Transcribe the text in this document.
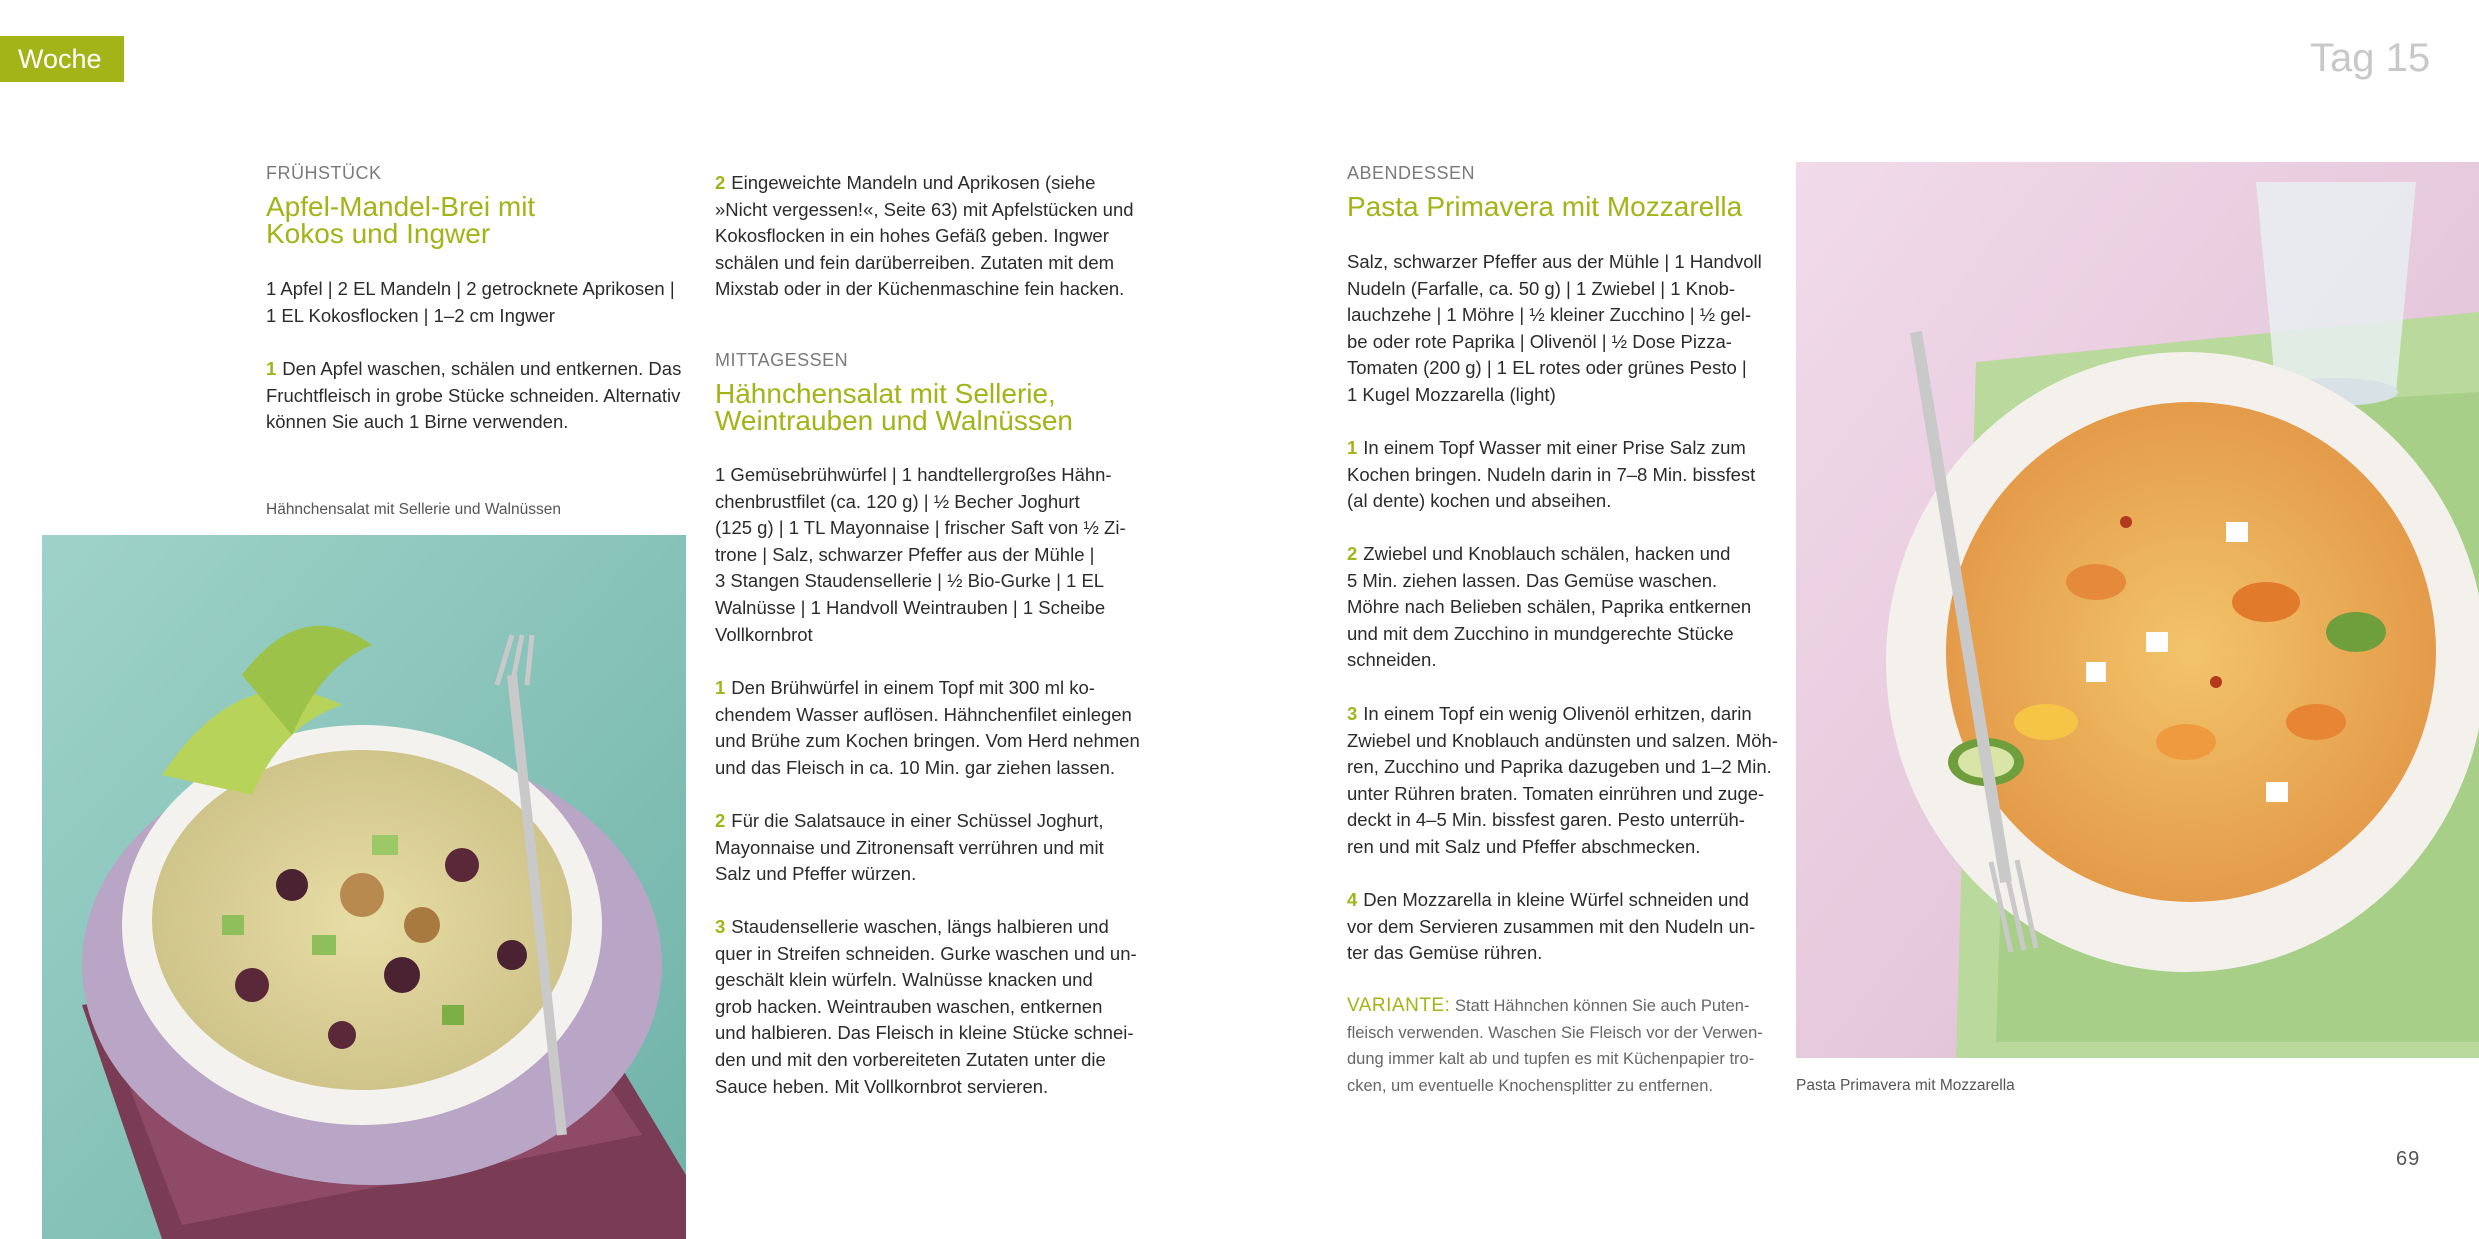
Woche 3
Tag 15
FRÜHSTÜCK
Apfel-Mandel-Brei mit
Kokos und Ingwer

1 Apfel | 2 EL Mandeln | 2 getrocknete Aprikosen |

1 EL Kokosflocken | 1–2 cm Ingwer

1 Den Apfel waschen, schälen und entkernen. Das

Fruchtfleisch in grobe Stücke schneiden. Alternativ

können Sie auch 1 Birne verwenden.

2 Eingeweichte Mandeln und Aprikosen (siehe

»Nicht vergessen!«, Seite 63) mit Apfelstücken und

Kokosflocken in ein hohes Gefäß geben. Ingwer

schälen und fein darüberreiben. Zutaten mit dem

Mixstab oder in der Küchenmaschine fein hacken.

Hähnchensalat mit Sellerie und Walnüssen
MITTAGESSEN
Hähnchensalat mit Sellerie,
Weintrauben und Walnüssen

1 Gemüsebrühwürfel | 1 handtellergroßes Hähn-

chenbrustfilet (ca. 120 g) | ½ Becher Joghurt

(125 g) | 1 TL Mayonnaise | frischer Saft von ½ Zi-

trone | Salz, schwarzer Pfeffer aus der Mühle |

3 Stangen Staudensellerie | ½ Bio-Gurke | 1 EL

Walnüsse | 1 Handvoll Weintrauben | 1 Scheibe

Vollkornbrot

1 Den Brühwürfel in einem Topf mit 300 ml ko-

chendem Wasser auflösen. Hähnchenfilet einlegen

und Brühe zum Kochen bringen. Vom Herd nehmen

und das Fleisch in ca. 10 Min. gar ziehen lassen.

2 Für die Salatsauce in einer Schüssel Joghurt,

Mayonnaise und Zitronensaft verrühren und mit

Salz und Pfeffer würzen.

3 Staudensellerie waschen, längs halbieren und

quer in Streifen schneiden. Gurke waschen und un-

geschält klein würfeln. Walnüsse knacken und

grob hacken. Weintrauben waschen, entkernen

und halbieren. Das Fleisch in kleine Stücke schnei-

den und mit den vorbereiteten Zutaten unter die

Sauce heben. Mit Vollkornbrot servieren.

ABENDESSEN
Pasta Primavera mit Mozzarella

Salz, schwarzer Pfeffer aus der Mühle | 1 Handvoll

Nudeln (Farfalle, ca. 50 g) | 1 Zwiebel | 1 Knob-

lauchzehe | 1 Möhre | ½ kleiner Zucchino | ½ gel-

be oder rote Paprika | Olivenöl | ½ Dose Pizza-

Tomaten (200 g) | 1 EL rotes oder grünes Pesto |

1 Kugel Mozzarella (light)

1 In einem Topf Wasser mit einer Prise Salz zum

Kochen bringen. Nudeln darin in 7–8 Min. bissfest

(al dente) kochen und abseihen.

2 Zwiebel und Knoblauch schälen, hacken und

5 Min. ziehen lassen. Das Gemüse waschen.

Möhre nach Belieben schälen, Paprika entkernen

und mit dem Zucchino in mundgerechte Stücke

schneiden.

3 In einem Topf ein wenig Olivenöl erhitzen, darin

Zwiebel und Knoblauch andünsten und salzen. Möh-

ren, Zucchino und Paprika dazugeben und 1–2 Min.

unter Rühren braten. Tomaten einrühren und zuge-

deckt in 4–5 Min. bissfest garen. Pesto unterrüh-

ren und mit Salz und Pfeffer abschmecken.

4 Den Mozzarella in kleine Würfel schneiden und

vor dem Servieren zusammen mit den Nudeln un-

ter das Gemüse rühren.

VARIANTE: Statt Hähnchen können Sie auch Puten-

fleisch verwenden. Waschen Sie Fleisch vor der Verwen-

dung immer kalt ab und tupfen es mit Küchenpapier tro-

cken, um eventuelle Knochensplitter zu entfernen.	Pasta Primavera mit Mozzarella
69
